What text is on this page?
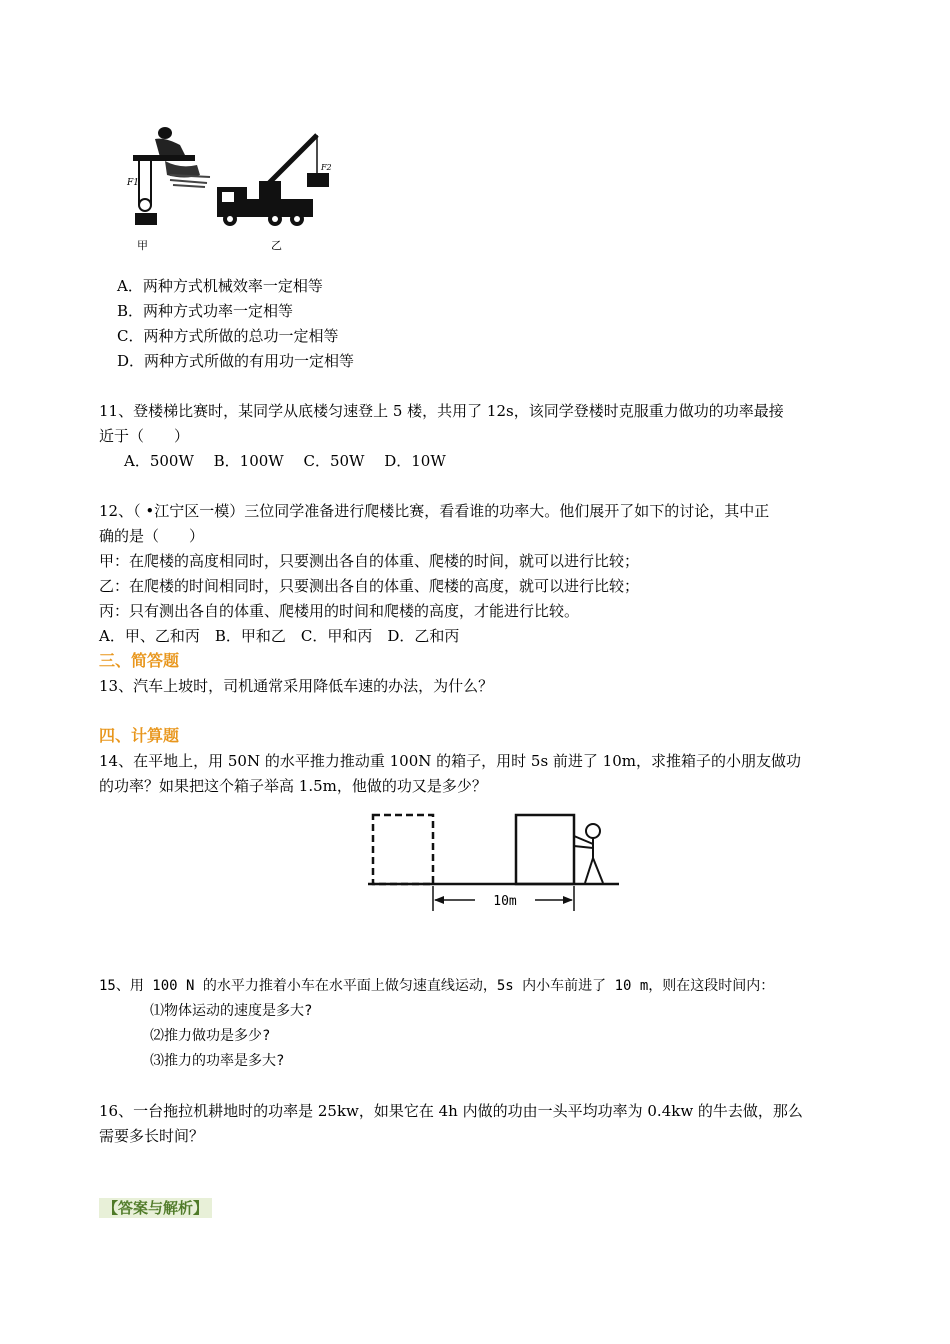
F1
F2
甲	乙
A．两种方式机械效率一定相等
B．两种方式功率一定相等
C．两种方式所做的总功一定相等
D．两种方式所做的有用功一定相等
11、登楼梯比赛时，某同学从底楼匀速登上 5 楼，共用了 12s，该同学登楼时克服重力做功的功率最接
近于（　　）
A．500W　 B．100W　 C．50W　 D．10W
12、（ •江宁区一模）三位同学准备进行爬楼比赛，看看谁的功率大。他们展开了如下的讨论，其中正
确的是（　　）
甲：在爬楼的高度相同时，只要测出各自的体重、爬楼的时间，就可以进行比较；
乙：在爬楼的时间相同时，只要测出各自的体重、爬楼的高度，就可以进行比较；
丙：只有测出各自的体重、爬楼用的时间和爬楼的高度，才能进行比较。
A．甲、乙和丙　B．甲和乙　C．甲和丙　D．乙和丙
三、简答题
13、汽车上坡时，司机通常采用降低车速的办法，为什么？
四、计算题
14、在平地上，用 50N 的水平推力推动重 100N 的箱子，用时 5s 前进了 10m，求推箱子的小朋友做功
的功率？如果把这个箱子举高 1.5m，他做的功又是多少？
10m
15、用 100 N 的水平力推着小车在水平面上做匀速直线运动，5s 内小车前进了 10 m，则在这段时间内：
⑴物体运动的速度是多大?
⑵推力做功是多少?
⑶推力的功率是多大?
16、一台拖拉机耕地时的功率是 25kw，如果它在 4h 内做的功由一头平均功率为 0.4kw 的牛去做，那么
需要多长时间？
【答案与解析】
